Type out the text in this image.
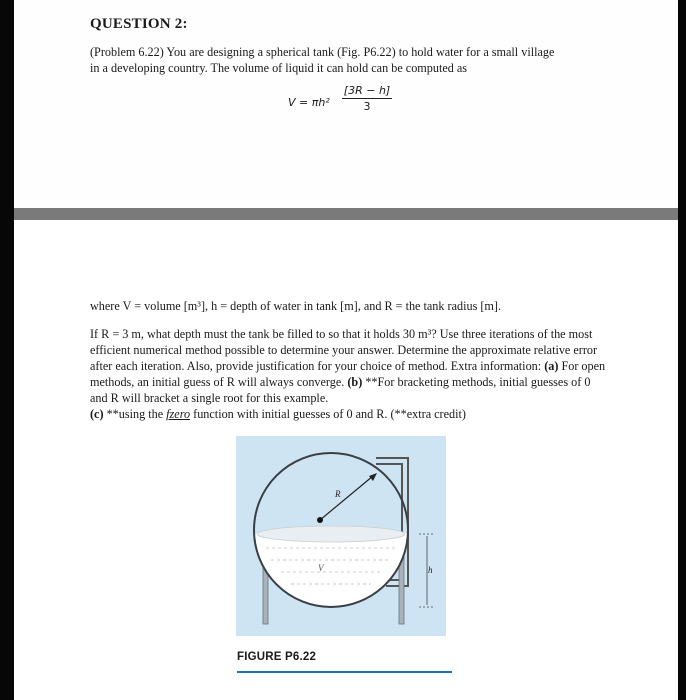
QUESTION 2:
(Problem 6.22) You are designing a spherical tank (Fig. P6.22) to hold water for a small village
in a developing country. The volume of liquid it can hold can be computed as
$V = \pi h^2 \frac{[3R - h]}{3}$
where V = volume [m³], h = depth of water in tank [m], and R = the tank radius [m].
If R = 3 m, what depth must the tank be filled to so that it holds 30 m³? Use three iterations of the most efficient numerical method possible to determine your answer. Determine the approximate relative error after each iteration. Also, provide justification for your choice of method. Extra information: (a) For open methods, an initial guess of R will always converge. (b) **For bracketing methods, initial guesses of 0 and R will bracket a single root for this example.
(c) **using the fzero function with initial guesses of 0 and R. (**extra credit)
R
V	h
FIGURE P6.22
